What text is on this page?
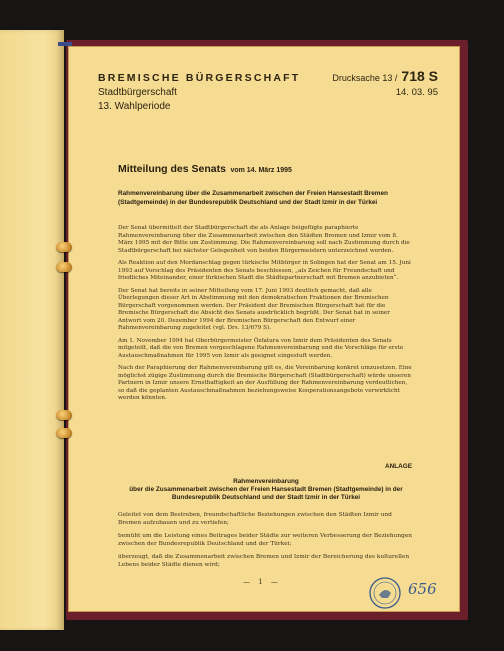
BREMISCHE BÜRGERSCHAFT
Stadtbürgerschaft
13. Wahlperiode
Drucksache 13 / 718 S
14. 03. 95
Mitteilung des Senats vom 14. März 1995
Rahmenvereinbarung über die Zusammenarbeit zwischen der Freien Hansestadt Bremen (Stadtgemeinde) in der Bundesrepublik Deutschland und der Stadt Izmir in der Türkei

Der Senat übermittelt der Stadtbürgerschaft die als Anlage beigefügte paraphierte Rahmenvereinbarung über die Zusammenarbeit zwischen den Städten Bremen und Izmir vom 8. März 1995 mit der Bitte um Zustimmung. Die Rahmenvereinbarung soll nach Zustimmung durch die Stadtbürgerschaft bei nächster Gelegenheit von beiden Bürgermeistern unterzeichnet werden.

Als Reaktion auf den Mordanschlag gegen türkische Mitbürger in Solingen hat der Senat am 15. Juni 1993 auf Vorschlag des Präsidenten des Senats beschlossen, „als Zeichen für Freundschaft und friedliches Miteinander, einer türkischen Stadt die Städtepartnerschaft mit Bremen anzubieten“.

Der Senat hat bereits in seiner Mitteilung vom 17. Juni 1993 deutlich gemacht, daß alle Überlegungen dieser Art in Abstimmung mit den demokratischen Fraktionen der Bremischen Bürgerschaft vorgenommen werden. Der Präsident der Bremischen Bürgerschaft hat für die Bremische Bürgerschaft die Absicht des Senats ausdrücklich begrüßt. Der Senat hat in seiner Antwort vom 20. Dezember 1994 der Bremischen Bürgerschaft den Entwurf einer Rahmenvereinbarung zugeleitet (vgl. Drs. 13/679 S).

Am 1. November 1994 hat Oberbürgermeister Özfatura von Izmir dem Präsidenten des Senats mitgeteilt, daß die von Bremen vorgeschlagene Rahmenvereinbarung und die Vorschläge für erste Austauschmaßnahmen für 1995 von Izmir als geeignet eingestuft werden.

Nach der Paraphierung der Rahmenvereinbarung gilt es, die Vereinbarung konkret umzusetzen. Eine möglichst zügige Zustimmung durch die Bremische Bürgerschaft (Stadtbürgerschaft) würde unseren Partnern in Izmir unsere Ernsthaftigkeit an der Ausfüllung der Rahmenvereinbarung verdeutlichen, so daß die geplanten Austauschmaßnahmen beziehungsweise Kooperationsangebote verwirklicht werden könnten.

ANLAGE
Rahmenvereinbarung
über die Zusammenarbeit zwischen der Freien Hansestadt Bremen (Stadtgemeinde) in der Bundesrepublik Deutschland und der Stadt Izmir in der Türkei

Geleitet von dem Bestreben, freundschaftliche Beziehungen zwischen den Städten Izmir und Bremen aufzubauen und zu vertiefen;

bemüht um die Leistung eines Beitrages beider Städte zur weiteren Verbesserung der Beziehungen zwischen der Bundesrepublik Deutschland und der Türkei;

überzeugt, daß die Zusammenarbeit zwischen Bremen und Izmir der Bereicherung des kulturellen Lebens beider Städte dienen wird;

— 1 —	656
